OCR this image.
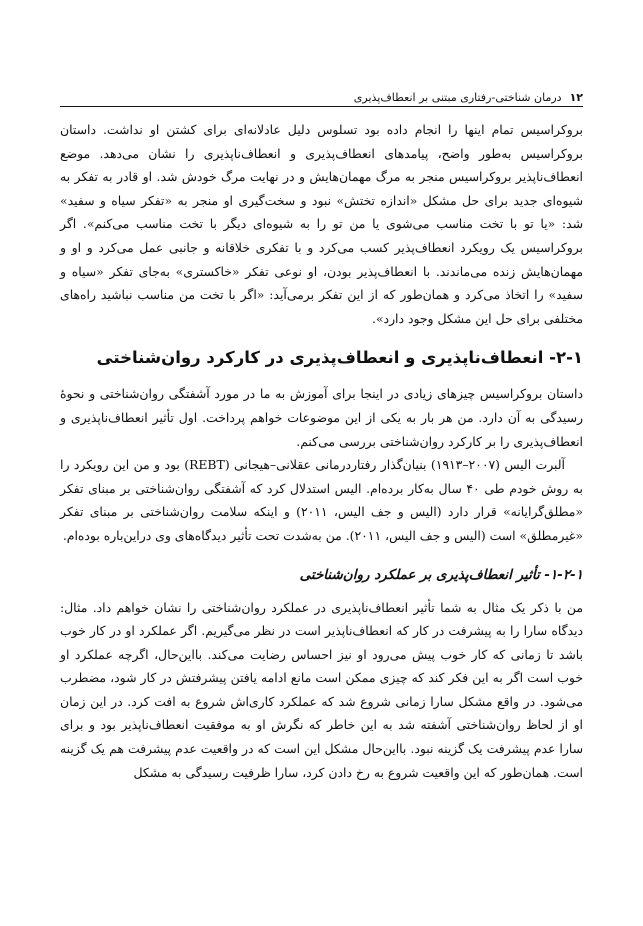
۱۲
درمان شناختی-رفتاری مبتنی بر انعطاف‌پذیری

بروکراسیس تمام اینها را انجام داده بود تسلوس دلیل عادلانه‌ای برای کشتن او نداشت. داستان بروکراسیس به‌طور واضح، پیامدهای انعطاف‌پذیری و انعطاف‌ناپذیری را نشان می‌دهد. موضع انعطاف‌ناپذیر بروکراسیس منجر به مرگ مهمان‌هایش و در نهایت مرگ خودش شد. او قادر به تفکر به شیوه‌ای جدید برای حل مشکل «اندازه تختش» نبود و سخت‌گیری او منجر به «تفکر سیاه و سفید» شد: «یا تو با تخت مناسب می‌شوی یا من تو را به شیوه‌ای دیگر با تخت مناسب می‌کنم». اگر بروکراسیس یک رویکرد انعطاف‌پذیر کسب می‌کرد و با تفکری خلاقانه و جانبی عمل می‌کرد و او و مهمان‌هایش زنده می‌ماندند. با انعطاف‌پذیر بودن، او نوعی تفکر «خاکستری» به‌جای تفکر «سیاه و سفید» را اتخاذ می‌کرد و همان‌طور که از این تفکر برمی‌آید: «اگر با تخت من مناسب نباشید راه‌های مختلفی برای حل این مشکل وجود دارد».

۲-۱- انعطاف‌ناپذیری و انعطاف‌پذیری در کارکرد روان‌شناختی

داستان بروکراسیس چیزهای زیادی در اینجا برای آموزش به ما در مورد آشفتگی روان‌شناختی و نحوهٔ رسیدگی به آن دارد. من هر بار به یکی از این موضوعات خواهم پرداخت. اول تأثیر انعطاف‌ناپذیری و انعطاف‌پذیری را بر کارکرد روان‌شناختی بررسی می‌کنم.

آلبرت الیس (۲۰۰۷–۱۹۱۳) بنیان‌گذار رفتاردرمانی عقلانی–هیجانی (REBT) بود و من این رویکرد را به روش خودم طی ۴۰ سال به‌کار برده‌ام. الیس استدلال کرد که آشفتگی روان‌شناختی بر مبنای تفکر «مطلق‌گرایانه» قرار دارد (الیس و جف الیس، ۲۰۱۱) و اینکه سلامت روان‌شناختی بر مبنای تفکر «غیرمطلق» است (الیس و جف الیس، ۲۰۱۱). من به‌شدت تحت تأثیر دیدگاه‌های وی دراین‌باره بوده‌ام.

۱-۲-۱- تأثیر انعطاف‌پذیری بر عملکرد روان‌شناختی

من با ذکر یک مثال به شما تأثیر انعطاف‌ناپذیری در عملکرد روان‌شناختی را نشان خواهم داد. مثال: دیدگاه سارا را به پیشرفت در کار که انعطاف‌ناپذیر است در نظر می‌گیریم. اگر عملکرد او در کار خوب باشد تا زمانی که کار خوب پیش می‌رود او نیز احساس رضایت می‌کند. بااین‌حال، اگرچه عملکرد او خوب است اگر به این فکر کند که چیزی ممکن است مانع ادامه یافتن پیشرفتش در کار شود، مضطرب می‌شود. در واقع مشکل سارا زمانی شروع شد که عملکرد کاری‌اش شروع به افت کرد. در این زمان او از لحاظ روان‌شناختی آشفته شد به این خاطر که نگرش او به موفقیت انعطاف‌ناپذیر بود و برای سارا عدم پیشرفت یک گزینه نبود. بااین‌حال مشکل این است که در واقعیت عدم پیشرفت هم یک گزینه است. همان‌طور که این واقعیت شروع به رخ دادن کرد، سارا ظرفیت رسیدگی به مشکل
